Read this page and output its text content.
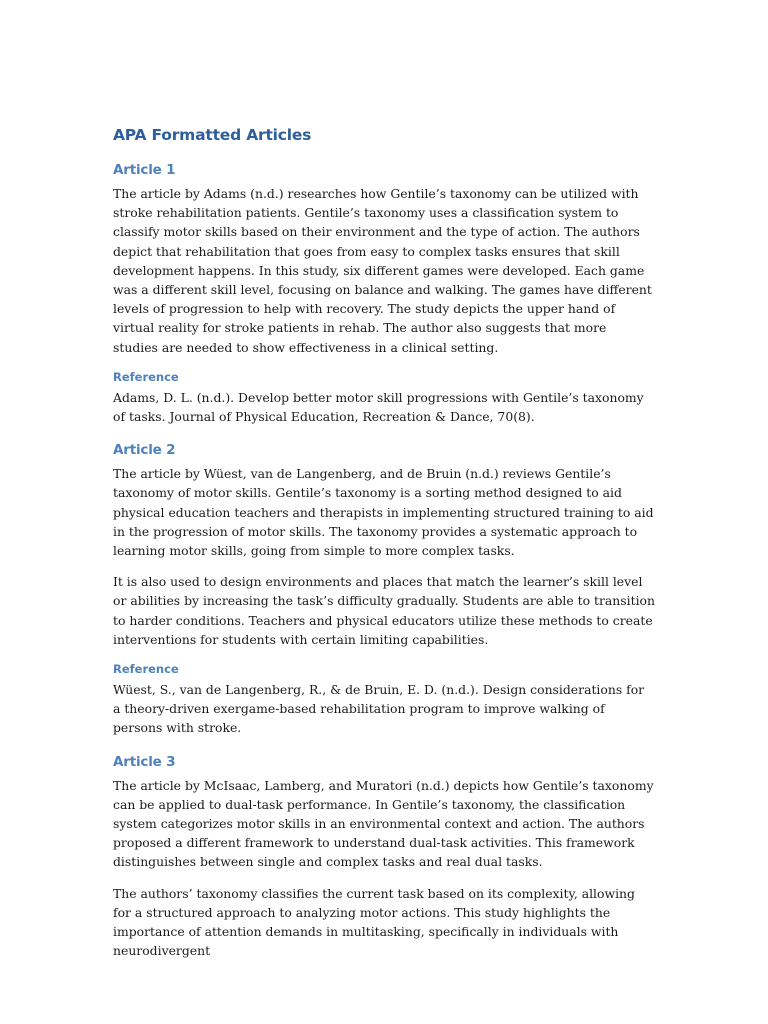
APA Formatted Articles
Article 1

The article by Adams (n.d.) researches how Gentile’s taxonomy can be utilized with stroke rehabilitation patients. Gentile’s taxonomy uses a classification system to classify motor skills based on their environment and the type of action. The authors depict that rehabilitation that goes from easy to complex tasks ensures that skill development happens. In this study, six different games were developed. Each game was a different skill level, focusing on balance and walking. The games have different levels of progression to help with recovery. The study depicts the upper hand of virtual reality for stroke patients in rehab. The author also suggests that more studies are needed to show effectiveness in a clinical setting.

Reference

Adams, D. L. (n.d.). Develop better motor skill progressions with Gentile’s taxonomy of tasks. Journal of Physical Education, Recreation & Dance, 70(8).

Article 2

The article by Wüest, van de Langenberg, and de Bruin (n.d.) reviews Gentile’s taxonomy of motor skills. Gentile’s taxonomy is a sorting method designed to aid physical education teachers and therapists in implementing structured training to aid in the progression of motor skills. The taxonomy provides a systematic approach to learning motor skills, going from simple to more complex tasks.

It is also used to design environments and places that match the learner’s skill level or abilities by increasing the task’s difficulty gradually. Students are able to transition to harder conditions. Teachers and physical educators utilize these methods to create interventions for students with certain limiting capabilities.

Reference

Wüest, S., van de Langenberg, R., & de Bruin, E. D. (n.d.). Design considerations for a theory-driven exergame-based rehabilitation program to improve walking of persons with stroke.

Article 3

The article by McIsaac, Lamberg, and Muratori (n.d.) depicts how Gentile’s taxonomy can be applied to dual-task performance. In Gentile’s taxonomy, the classification system categorizes motor skills in an environmental context and action. The authors proposed a different framework to understand dual-task activities. This framework distinguishes between single and complex tasks and real dual tasks.

The authors’ taxonomy classifies the current task based on its complexity, allowing for a structured approach to analyzing motor actions. This study highlights the importance of attention demands in multitasking, specifically in individuals with neurodivergent
